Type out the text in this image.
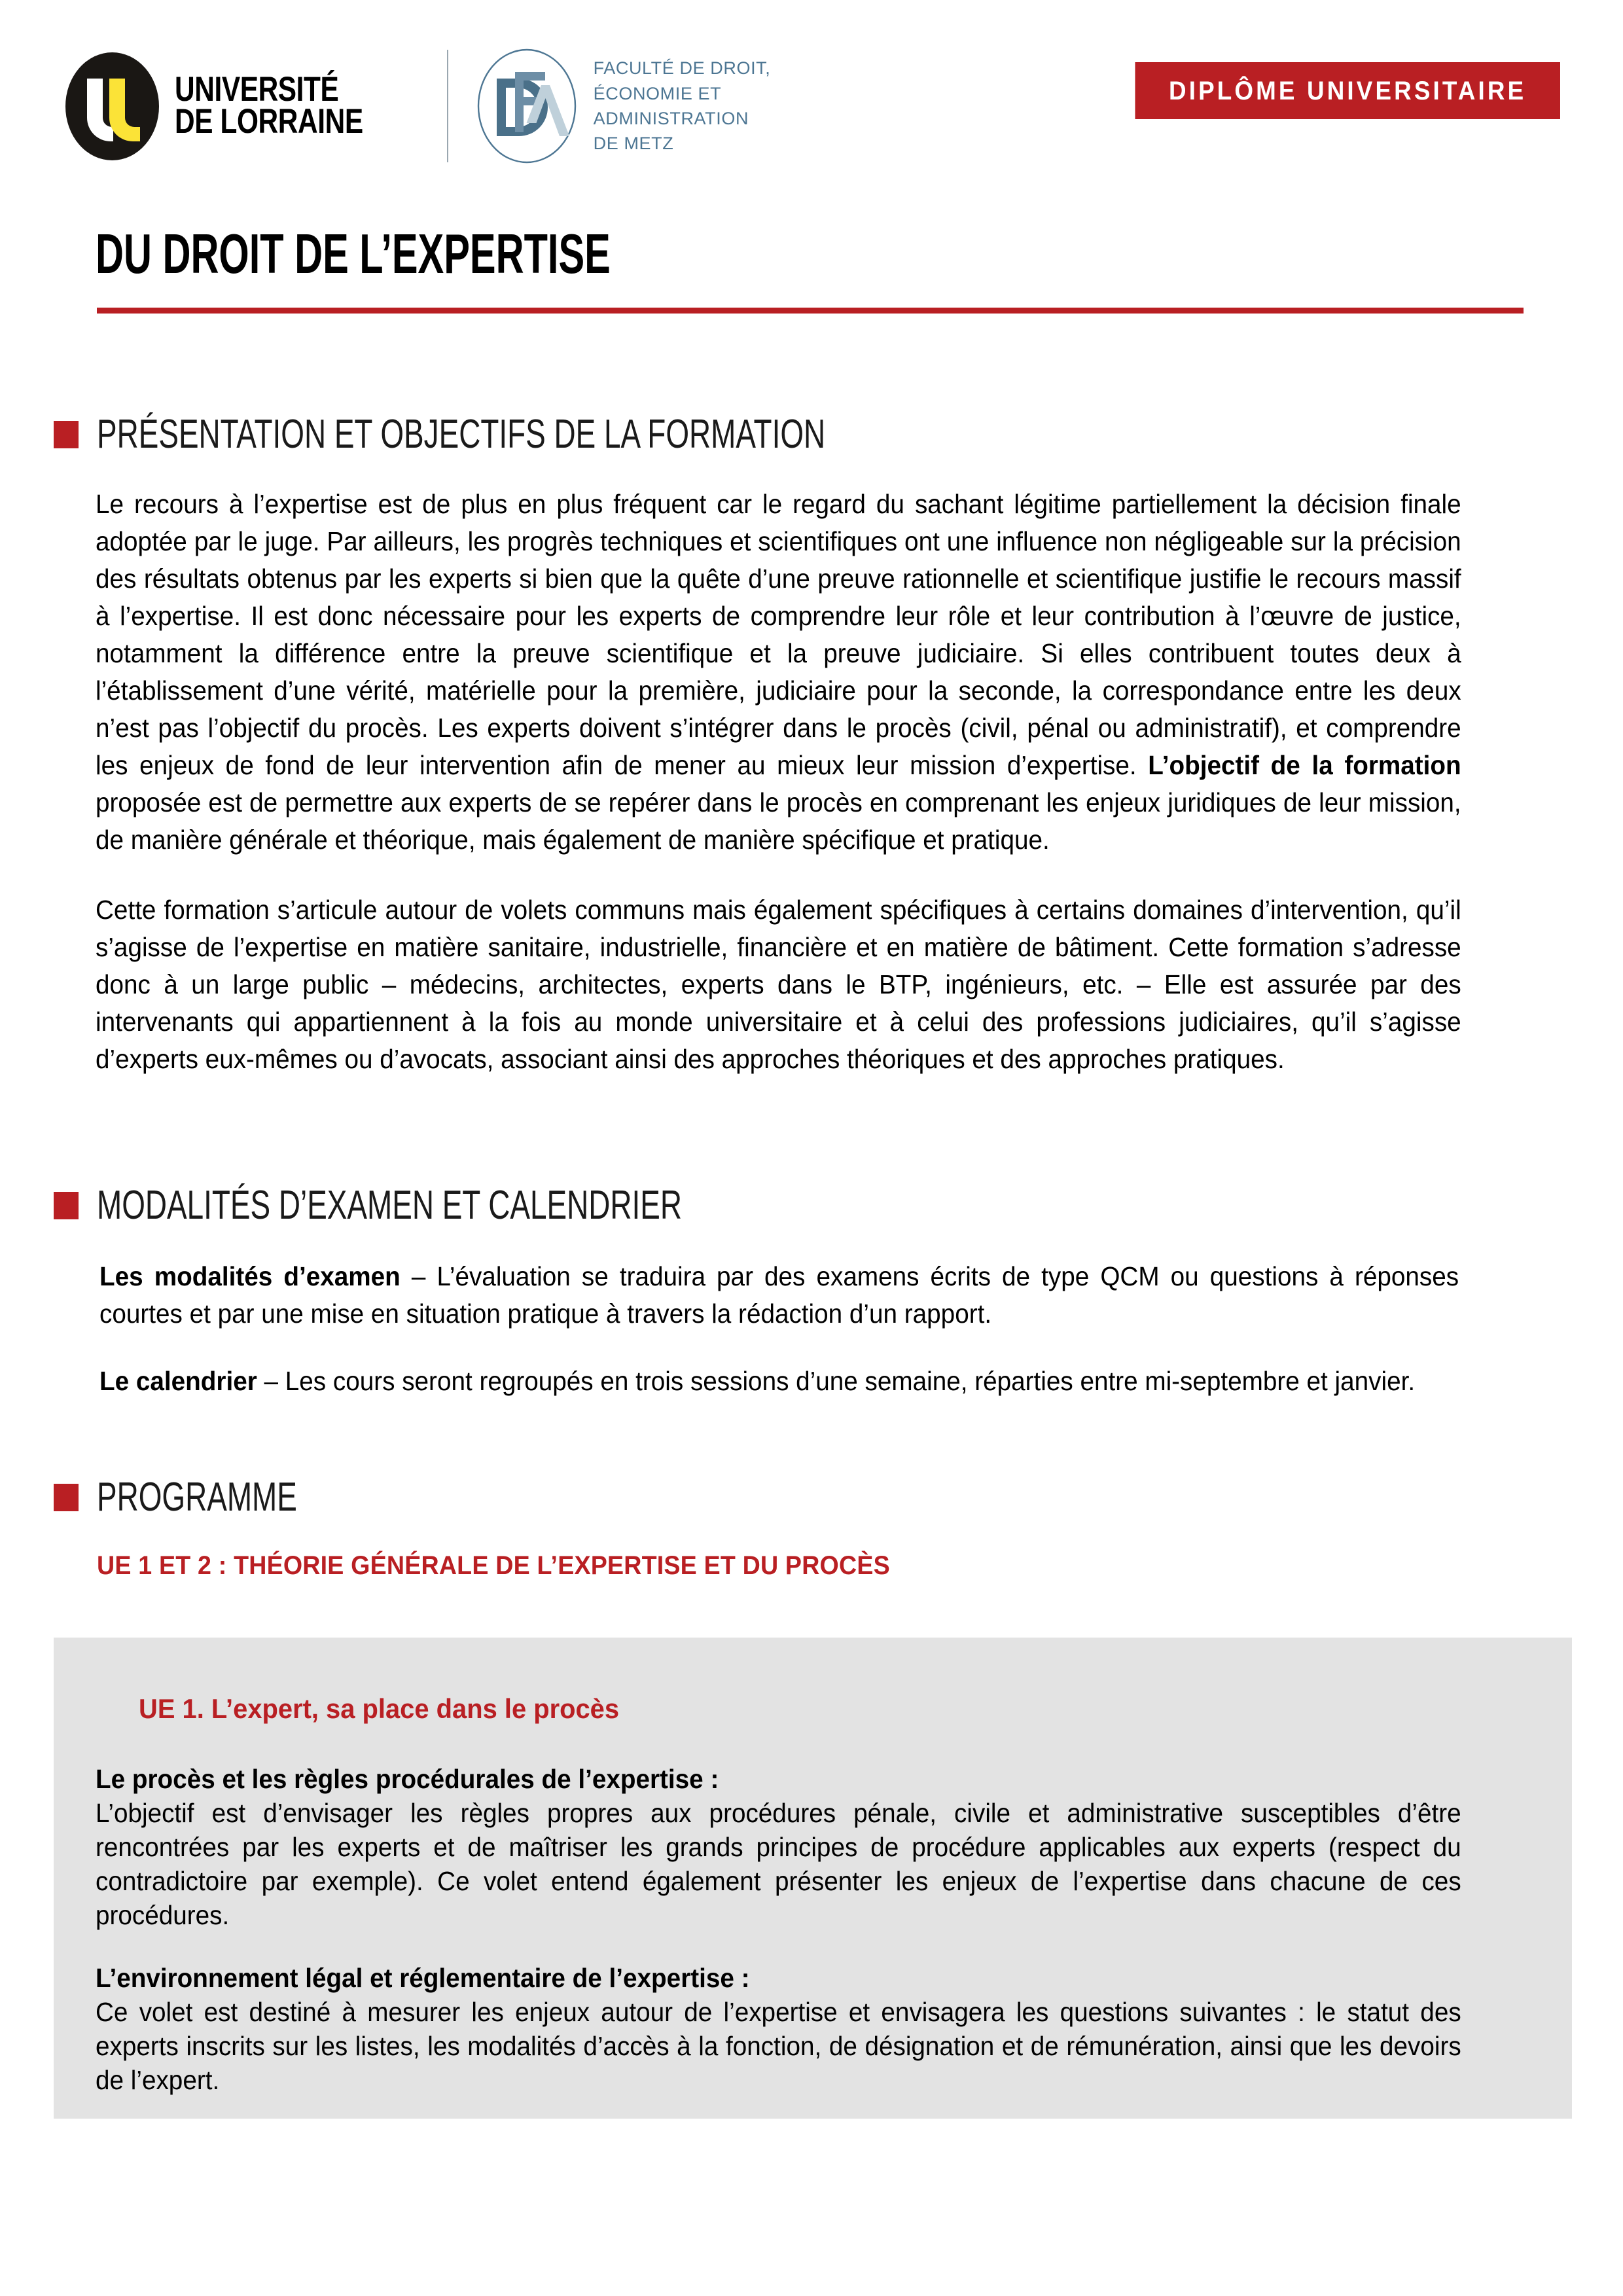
UNIVERSITÉ
DE LORRAINE
FACULTÉ DE DROIT,
ÉCONOMIE ET
ADMINISTRATION
DE METZ
DIPLÔME UNIVERSITAIRE
DU DROIT DE L’EXPERTISE
PRÉSENTATION ET OBJECTIFS DE LA FORMATION

Le recours à l’expertise est de plus en plus fréquent car le regard du sachant légitime partiellement la décision finale adoptée par le juge. Par ailleurs, les progrès techniques et scientifiques ont une influence non négligeable sur la précision des résultats obtenus par les experts si bien que la quête d’une preuve rationnelle et scientifique justifie le recours massif à l’expertise. Il est donc nécessaire pour les experts de comprendre leur rôle et leur contribution à l’œuvre de justice, notamment la différence entre la preuve scientifique et la preuve judiciaire. Si elles contribuent toutes deux à l’établissement d’une vérité, matérielle pour la première, judiciaire pour la seconde, la correspondance entre les deux n’est pas l’objectif du procès. Les experts doivent s’intégrer dans le procès (civil, pénal ou administratif), et comprendre les enjeux de fond de leur intervention afin de mener au mieux leur mission d’expertise. L’objectif de la formation proposée est de permettre aux experts de se repérer dans le procès en comprenant les enjeux juridiques de leur mission, de manière générale et théorique, mais également de manière spécifique et pratique.

Cette formation s’articule autour de volets communs mais également spécifiques à certains domaines d’intervention, qu’il s’agisse de l’expertise en matière sanitaire, industrielle, financière et en matière de bâtiment. Cette formation s’adresse donc à un large public – médecins, architectes, experts dans le BTP, ingénieurs, etc. – Elle est assurée par des intervenants qui appartiennent à la fois au monde universitaire et à celui des professions judiciaires, qu’il s’agisse d’experts eux-mêmes ou d’avocats, associant ainsi des approches théoriques et des approches pratiques.

MODALITÉS D’EXAMEN ET CALENDRIER

Les modalités d’examen – L’évaluation se traduira par des examens écrits de type QCM ou questions à réponses courtes et par une mise en situation pratique à travers la rédaction d’un rapport.

Le calendrier – Les cours seront regroupés en trois sessions d’une semaine, réparties entre mi-septembre et janvier.

PROGRAMME
UE 1 ET 2 : THÉORIE GÉNÉRALE DE L’EXPERTISE ET DU PROCÈS
UE 1. L’expert, sa place dans le procès

Le procès et les règles procédurales de l’expertise :
L’objectif est d’envisager les règles propres aux procédures pénale, civile et administrative susceptibles d’être rencontrées par les experts et de maîtriser les grands principes de procédure applicables aux experts (respect du contradictoire par exemple). Ce volet entend également présenter les enjeux de l’expertise dans chacune de ces procédures.

L’environnement légal et réglementaire de l’expertise :
Ce volet est destiné à mesurer les enjeux autour de l’expertise et envisagera les questions suivantes : le statut des experts inscrits sur les listes, les modalités d’accès à la fonction, de désignation et de rémunération, ainsi que les devoirs de l’expert.
